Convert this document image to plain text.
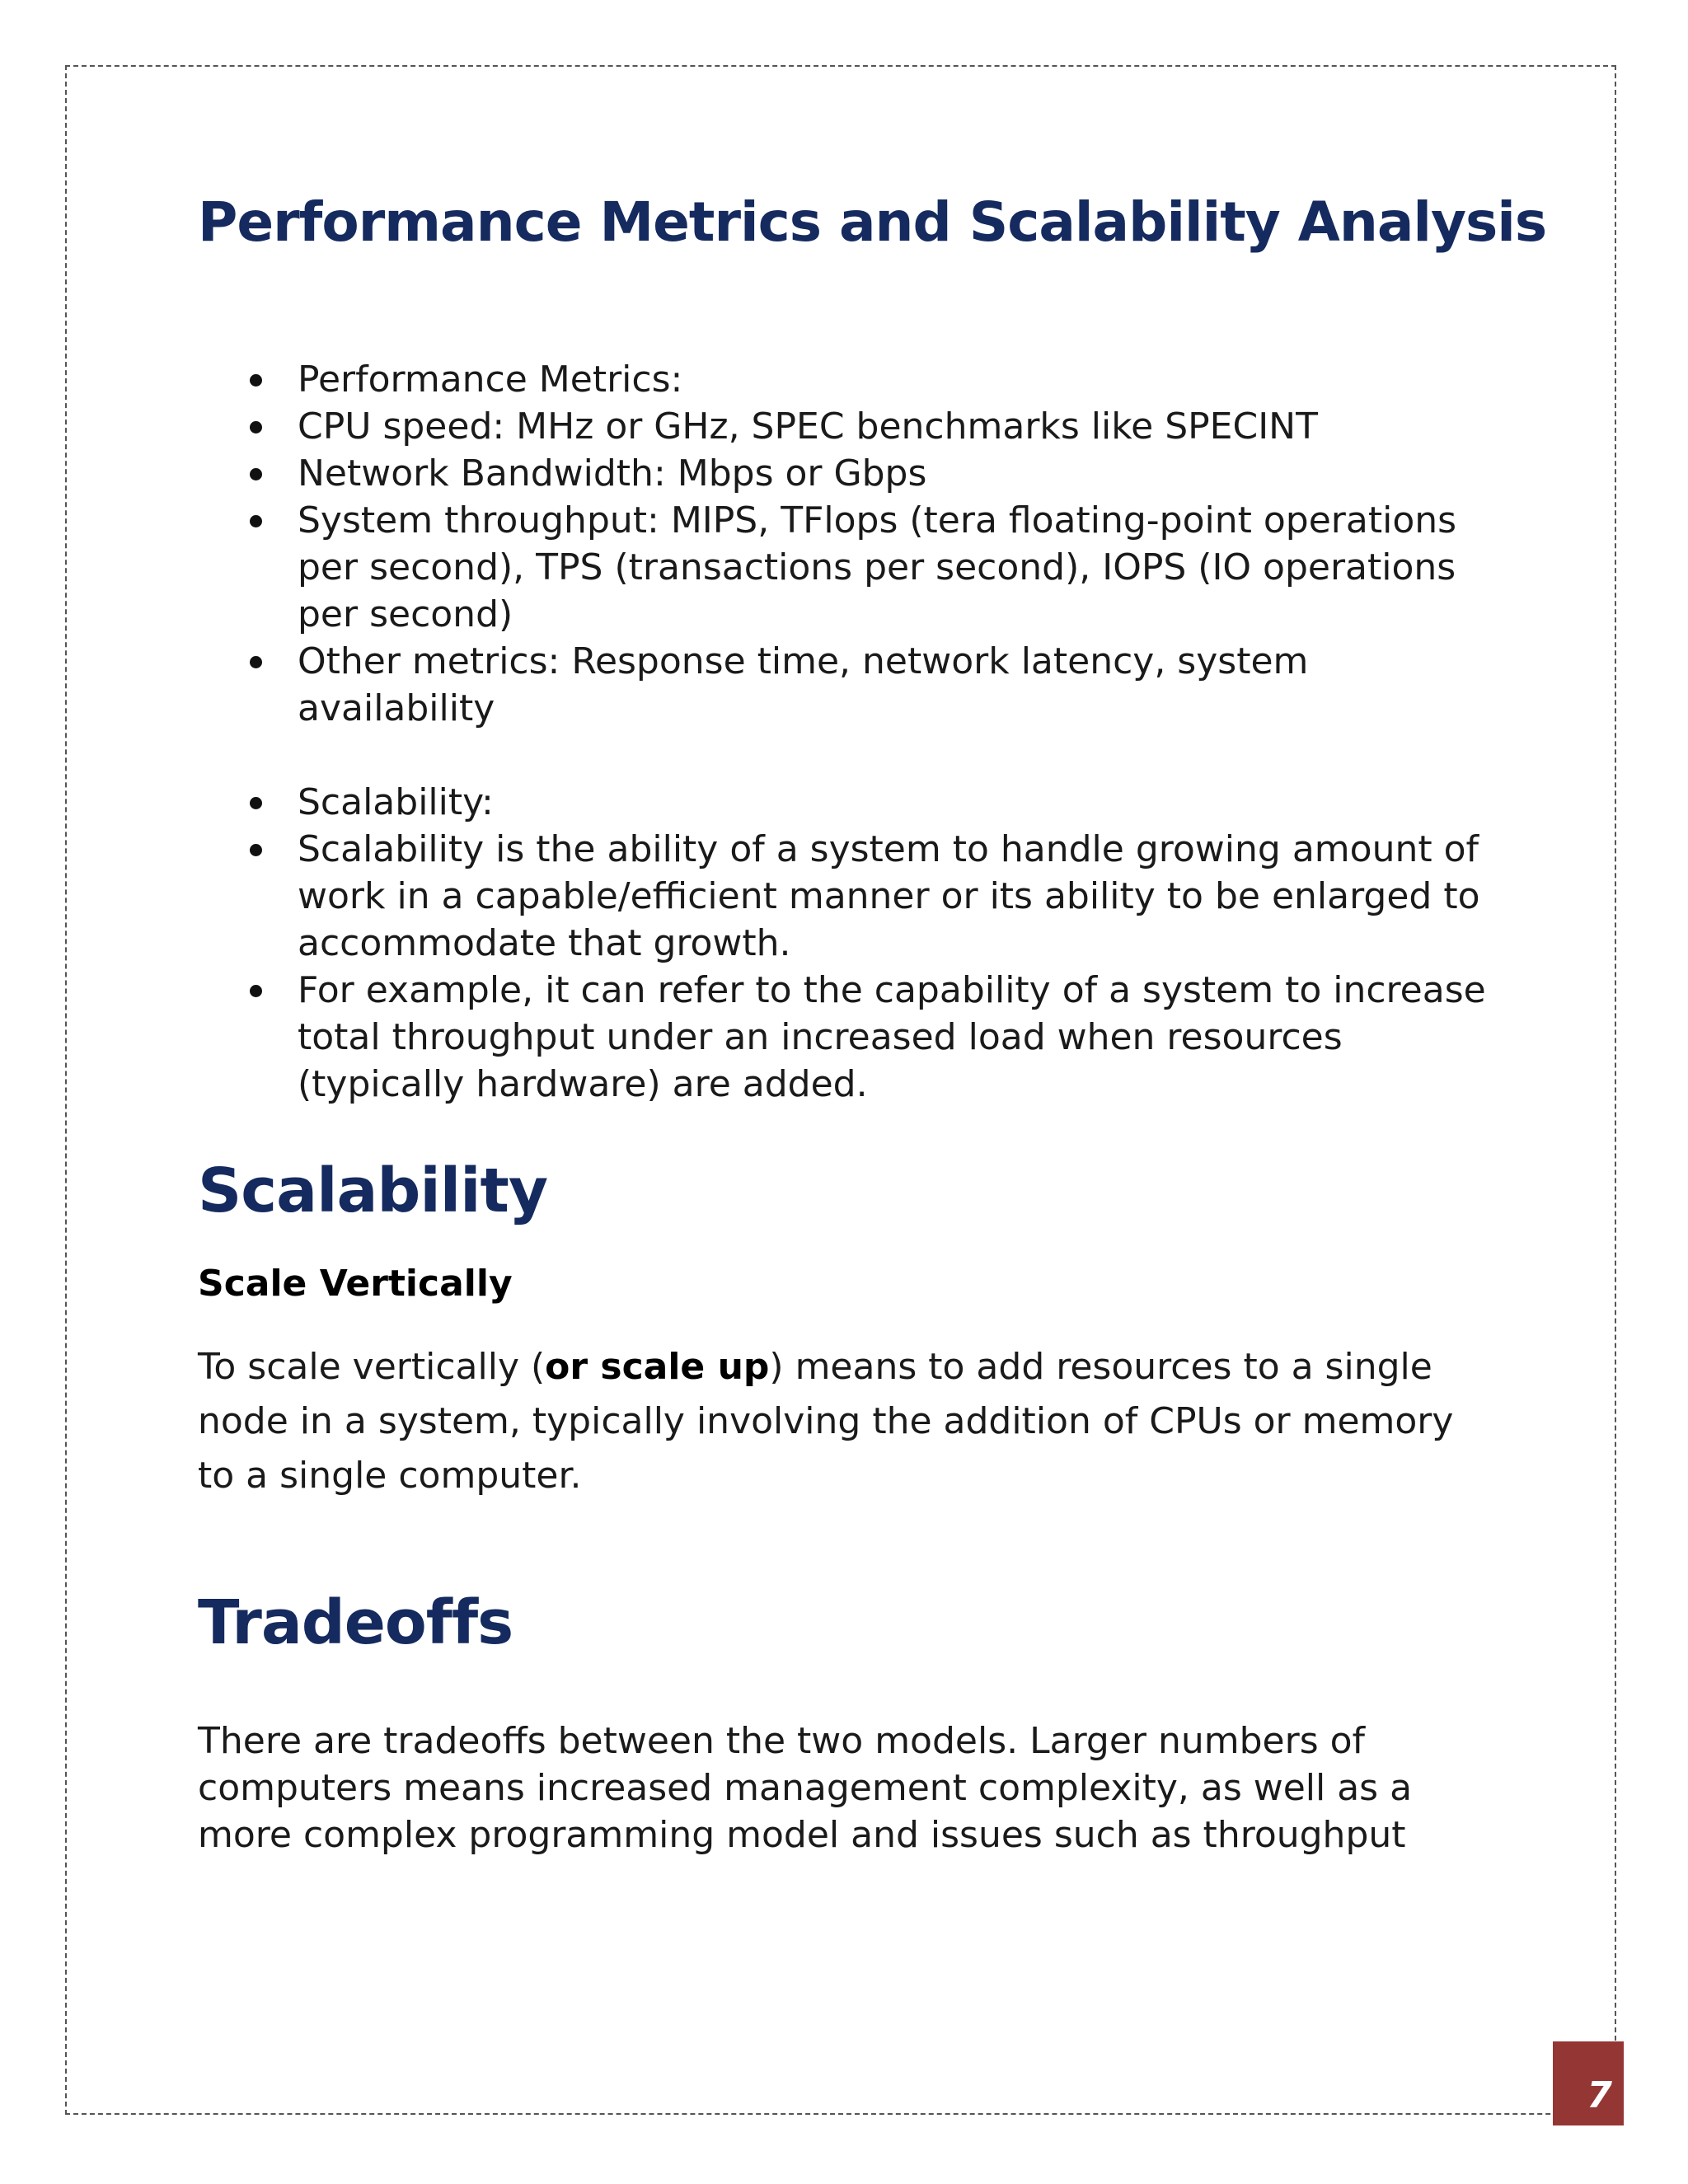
Performance Metrics and Scalability Analysis
Performance Metrics:
CPU speed: MHz or GHz, SPEC benchmarks like SPECINT
Network Bandwidth: Mbps or Gbps
System throughput: MIPS, TFlops (tera floating-point operations per second), TPS (transactions per second), IOPS (IO operations per second)
Other metrics: Response time, network latency, system availability
Scalability:
Scalability is the ability of a system to handle growing amount of work in a capable/efficient manner or its ability to be enlarged to accommodate that growth.
For example, it can refer to the capability of a system to increase total throughput under an increased load when resources (typically hardware) are added.
Scalability
Scale Vertically

To scale vertically (or scale up) means to add resources to a single node in a system, typically involving the addition of CPUs or memory to a single computer.

Tradeoffs

There are tradeoffs between the two models. Larger numbers of computers means increased management complexity, as well as a more complex programming model and issues such as throughput

7
